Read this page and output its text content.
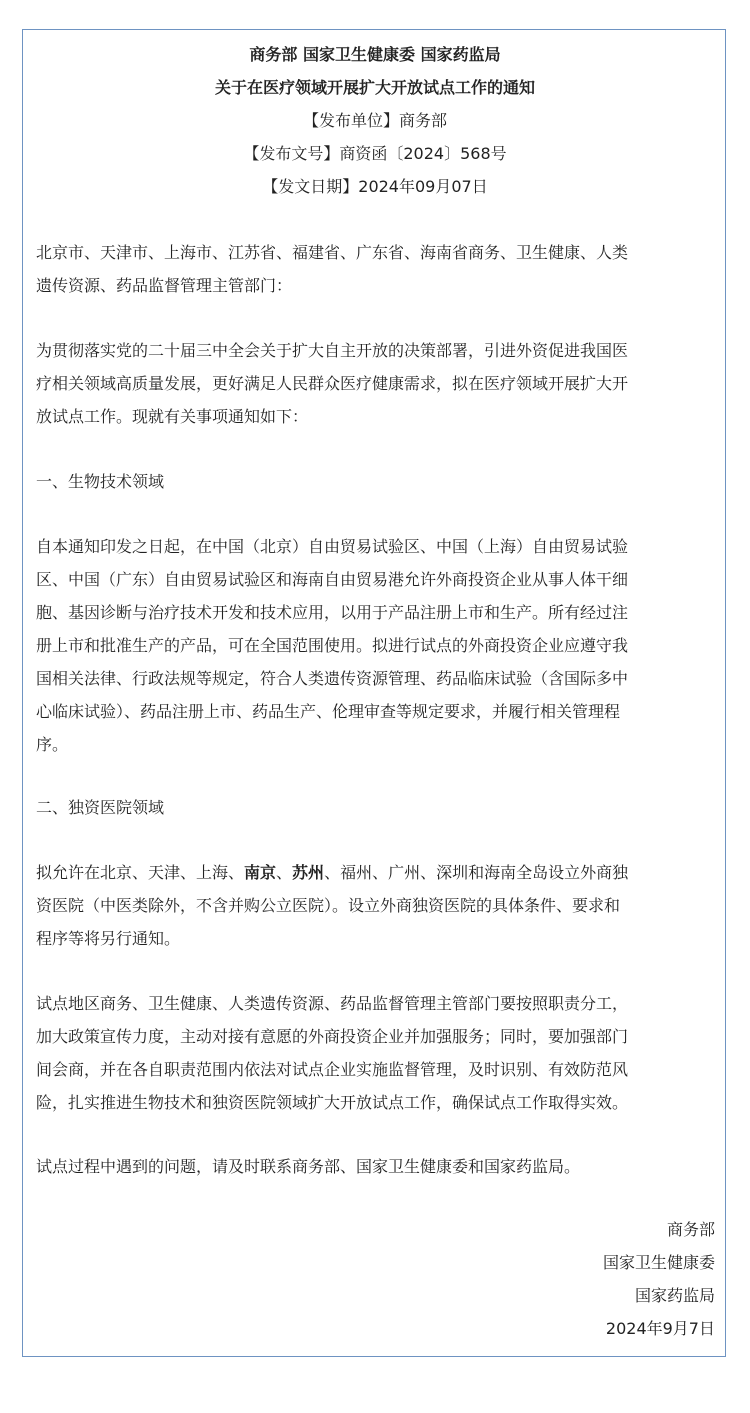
商务部 国家卫生健康委 国家药监局
关于在医疗领域开展扩大开放试点工作的通知
【发布单位】商务部
【发布文号】商资函〔2024〕568号
【发文日期】2024年09月07日
北京市、天津市、上海市、江苏省、福建省、广东省、海南省商务、卫生健康、人类
遗传资源、药品监督管理主管部门：
为贯彻落实党的二十届三中全会关于扩大自主开放的决策部署，引进外资促进我国医
疗相关领域高质量发展，更好满足人民群众医疗健康需求，拟在医疗领域开展扩大开
放试点工作。现就有关事项通知如下：
一、生物技术领域
自本通知印发之日起，在中国（北京）自由贸易试验区、中国（上海）自由贸易试验
区、中国（广东）自由贸易试验区和海南自由贸易港允许外商投资企业从事人体干细
胞、基因诊断与治疗技术开发和技术应用，以用于产品注册上市和生产。所有经过注
册上市和批准生产的产品，可在全国范围使用。拟进行试点的外商投资企业应遵守我
国相关法律、行政法规等规定，符合人类遗传资源管理、药品临床试验（含国际多中
心临床试验）、药品注册上市、药品生产、伦理审查等规定要求，并履行相关管理程
序。
二、独资医院领域
拟允许在北京、天津、上海、南京、苏州、福州、广州、深圳和海南全岛设立外商独
资医院（中医类除外，不含并购公立医院）。设立外商独资医院的具体条件、要求和
程序等将另行通知。
试点地区商务、卫生健康、人类遗传资源、药品监督管理主管部门要按照职责分工，
加大政策宣传力度，主动对接有意愿的外商投资企业并加强服务；同时，要加强部门
间会商，并在各自职责范围内依法对试点企业实施监督管理，及时识别、有效防范风
险，扎实推进生物技术和独资医院领域扩大开放试点工作，确保试点工作取得实效。
试点过程中遇到的问题，请及时联系商务部、国家卫生健康委和国家药监局。
商务部
国家卫生健康委
国家药监局
2024年9月7日
